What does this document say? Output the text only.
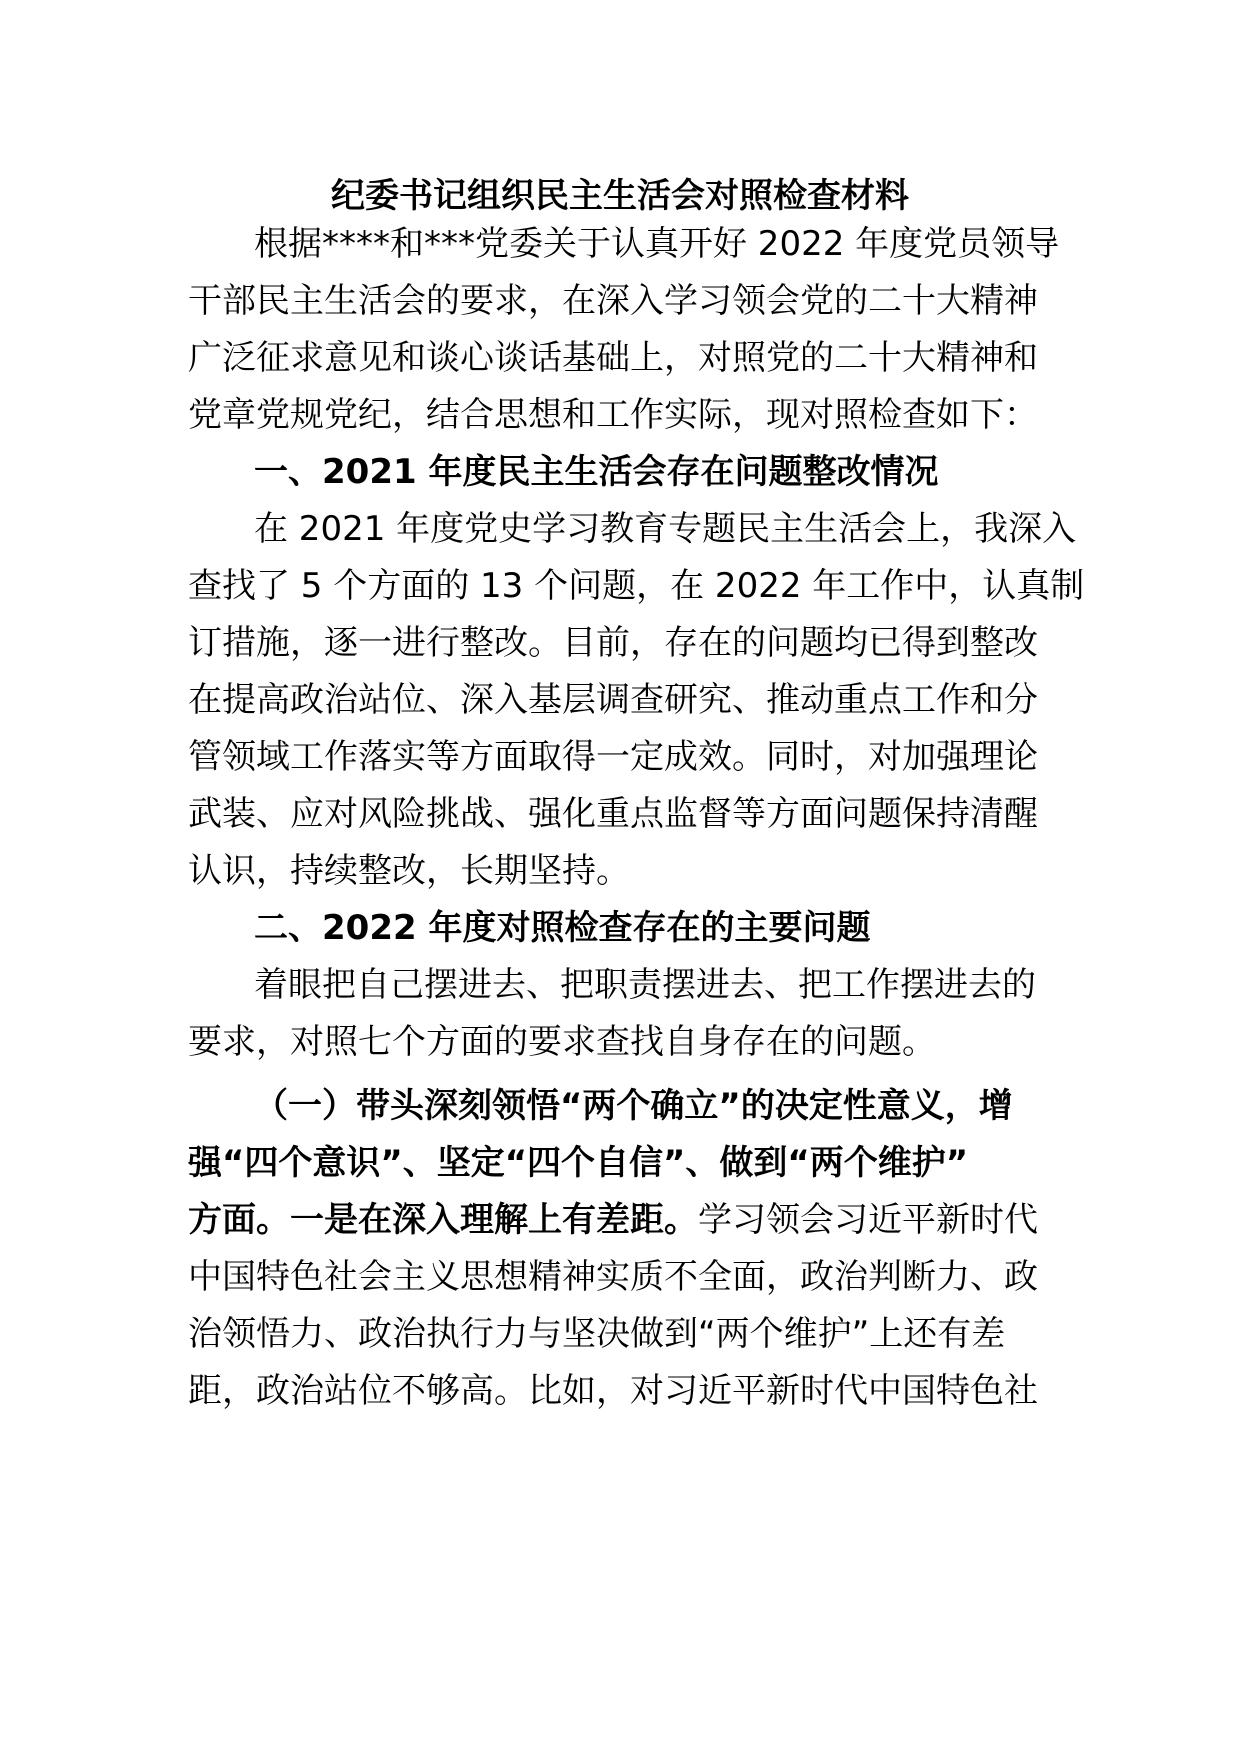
纪委书记组织民主生活会对照检查材料
根据****和***党委关于认真开好 2022 年度党员领导
干部民主生活会的要求，在深入学习领会党的二十大精神
广泛征求意见和谈心谈话基础上，对照党的二十大精神和
党章党规党纪，结合思想和工作实际，现对照检查如下：
一、2021 年度民主生活会存在问题整改情况
在 2021 年度党史学习教育专题民主生活会上，我深入
查找了 5 个方面的 13 个问题，在 2022 年工作中，认真制
订措施，逐一进行整改。目前，存在的问题均已得到整改
在提高政治站位、深入基层调查研究、推动重点工作和分
管领域工作落实等方面取得一定成效。同时，对加强理论
武装、应对风险挑战、强化重点监督等方面问题保持清醒
认识，持续整改，长期坚持。
二、2022 年度对照检查存在的主要问题
着眼把自己摆进去、把职责摆进去、把工作摆进去的
要求，对照七个方面的要求查找自身存在的问题。
（一）带头深刻领悟“两个确立”的决定性意义，增
强“四个意识”、坚定“四个自信”、做到“两个维护”
方面。一是在深入理解上有差距。学习领会习近平新时代
中国特色社会主义思想精神实质不全面，政治判断力、政
治领悟力、政治执行力与坚决做到“两个维护”上还有差
距，政治站位不够高。比如，对习近平新时代中国特色社
